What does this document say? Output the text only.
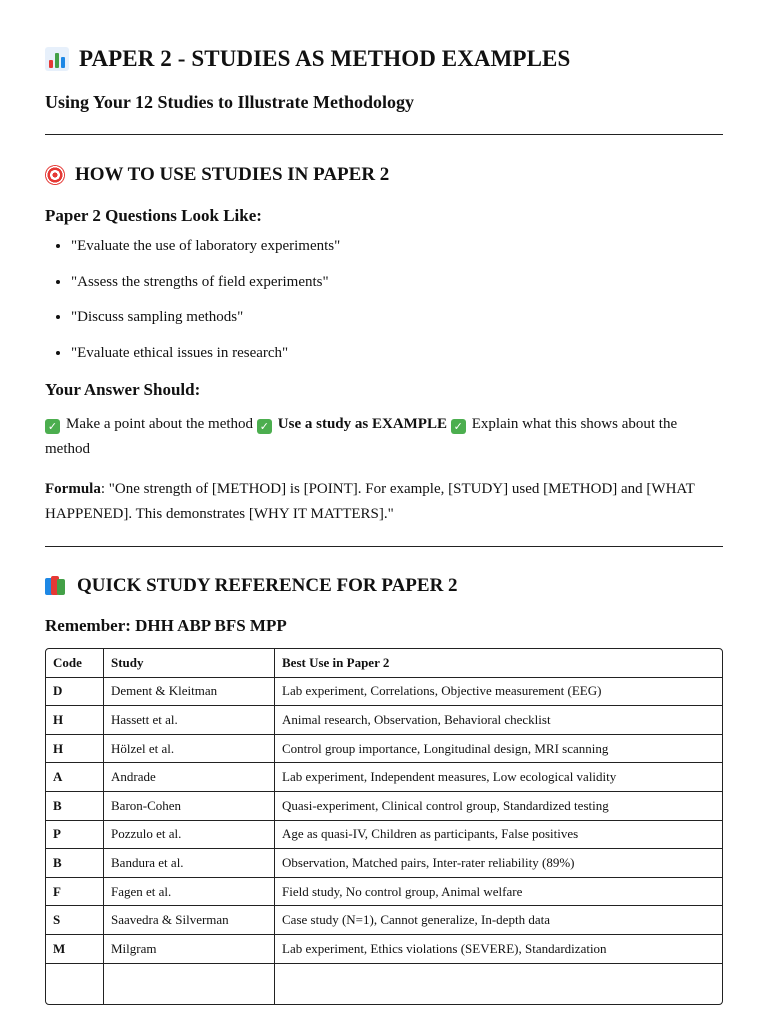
PAPER 2 - STUDIES AS METHOD EXAMPLES
Using Your 12 Studies to Illustrate Methodology
HOW TO USE STUDIES IN PAPER 2
Paper 2 Questions Look Like:
• "Evaluate the use of laboratory experiments"
• "Assess the strengths of field experiments"
• "Discuss sampling methods"
• "Evaluate ethical issues in research"
Your Answer Should:

✓ Make a point about the method ✓ Use a study as EXAMPLE ✓ Explain what this shows about the method

Formula: "One strength of [METHOD] is [POINT]. For example, [STUDY] used [METHOD] and [WHAT HAPPENED]. This demonstrates [WHY IT MATTERS]."

QUICK STUDY REFERENCE FOR PAPER 2
Remember: DHH ABP BFS MPP
Code	Study	Best Use in Paper 2
D	Dement & Kleitman	Lab experiment, Correlations, Objective measurement (EEG)
H	Hassett et al.	Animal research, Observation, Behavioral checklist
H	Hölzel et al.	Control group importance, Longitudinal design, MRI scanning
A	Andrade	Lab experiment, Independent measures, Low ecological validity
B	Baron-Cohen	Quasi-experiment, Clinical control group, Standardized testing
P	Pozzulo et al.	Age as quasi-IV, Children as participants, False positives
B	Bandura et al.	Observation, Matched pairs, Inter-rater reliability (89%)
F	Fagen et al.	Field study, No control group, Animal welfare
S	Saavedra & Silverman	Case study (N=1), Cannot generalize, In-depth data
M	Milgram	Lab experiment, Ethics violations (SEVERE), Standardization
